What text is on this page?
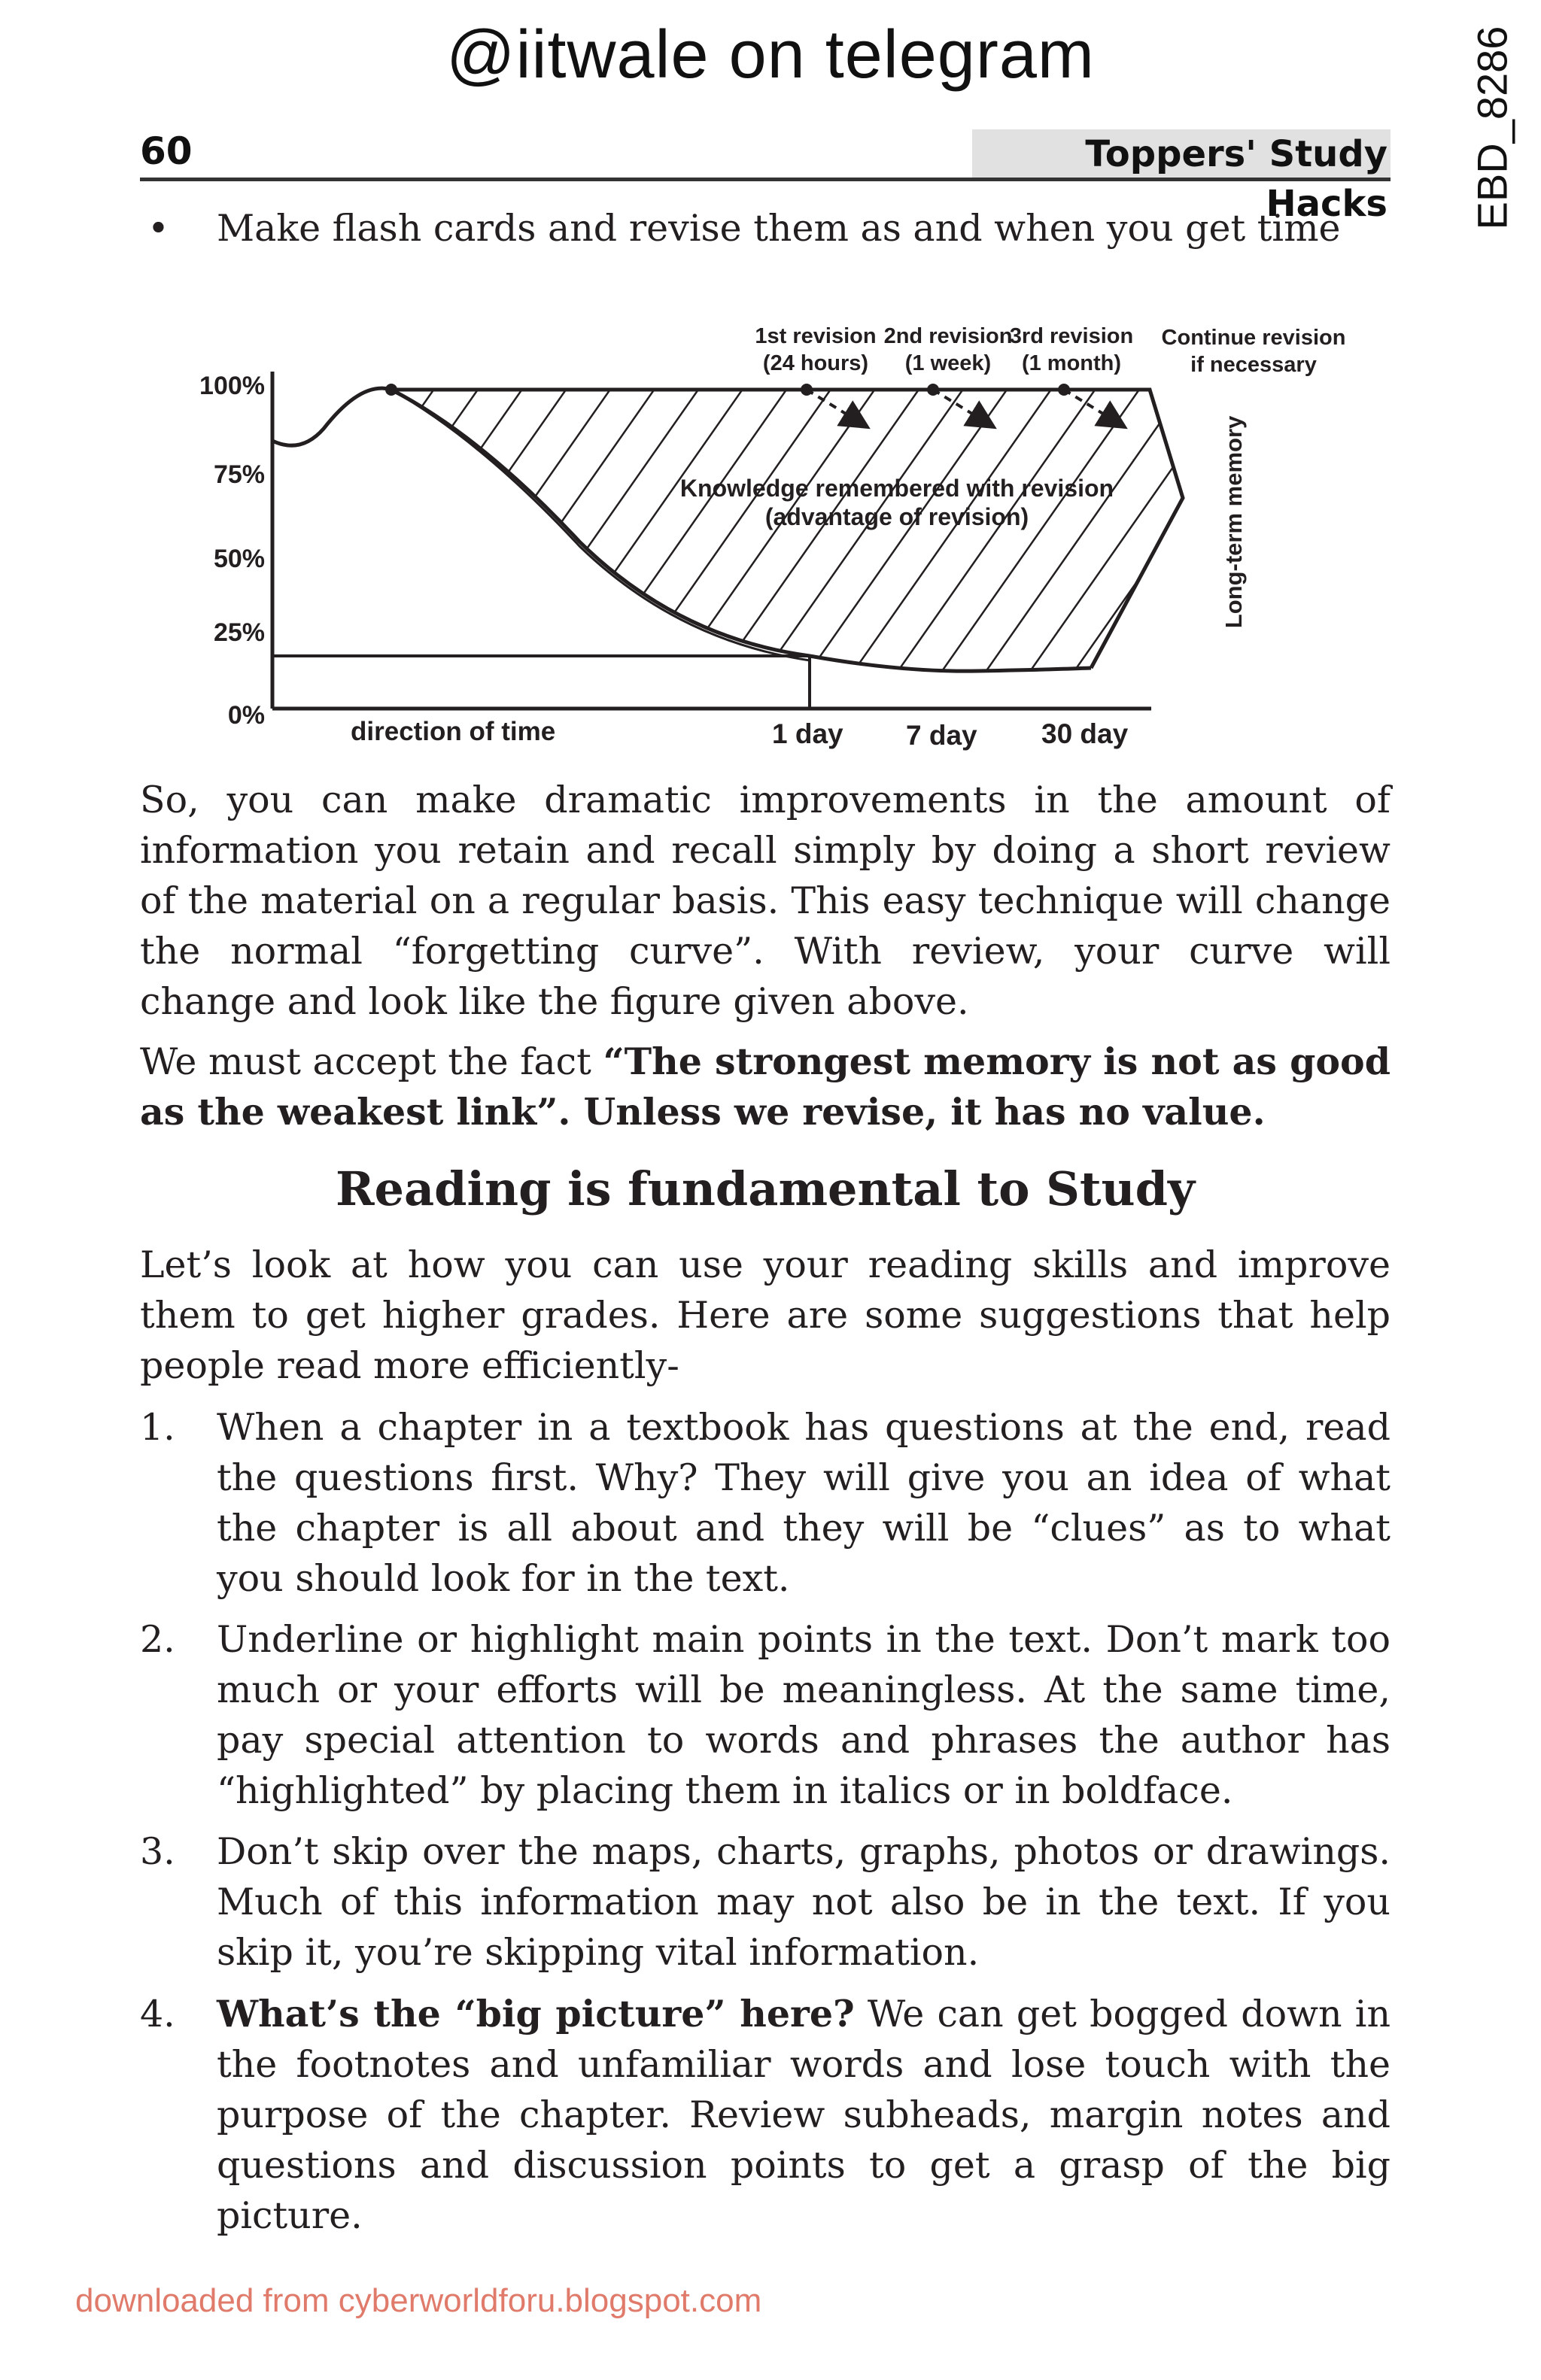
@iitwale on telegram	EBD_8286
60	Toppers' Study Hacks
• Make flash cards and revise them as and when you get time
100%
75%
50%
25%
0%
direction of time	1 day 7 day 30 day
1st revision
(24 hours)
2nd revision
(1 week)
3rd revision
(1 month)
Continue revision
if necessary
Knowledge remembered with revision
(advantage of revision)	Long-term memory
So, you can make dramatic improvements in the amount of information you retain and recall simply by doing a short review of the material on a regular basis. This easy technique will change the normal “forgetting curve”. With review, your curve will change and look like the figure given above.
We must accept the fact “The strongest memory is not as good as the weakest link”. Unless we revise, it has no value.
Reading is fundamental to Study
Let’s look at how you can use your reading skills and improve them to get higher grades. Here are some suggestions that help people read more efficiently-
1. When a chapter in a textbook has questions at the end, read the questions first. Why? They will give you an idea of what the chapter is all about and they will be “clues” as to what you should look for in the text.
2. Underline or highlight main points in the text. Don’t mark too much or your efforts will be meaningless. At the same time, pay special attention to words and phrases the author has “highlighted” by placing them in italics or in boldface.
3. Don’t skip over the maps, charts, graphs, photos or drawings. Much of this information may not also be in the text. If you skip it, you’re skipping vital information.
4. What’s the “big picture” here? We can get bogged down in the footnotes and unfamiliar words and lose touch with the purpose of the chapter. Review subheads, margin notes and questions and discussion points to get a grasp of the big picture.
downloaded from cyberworldforu.blogspot.com
